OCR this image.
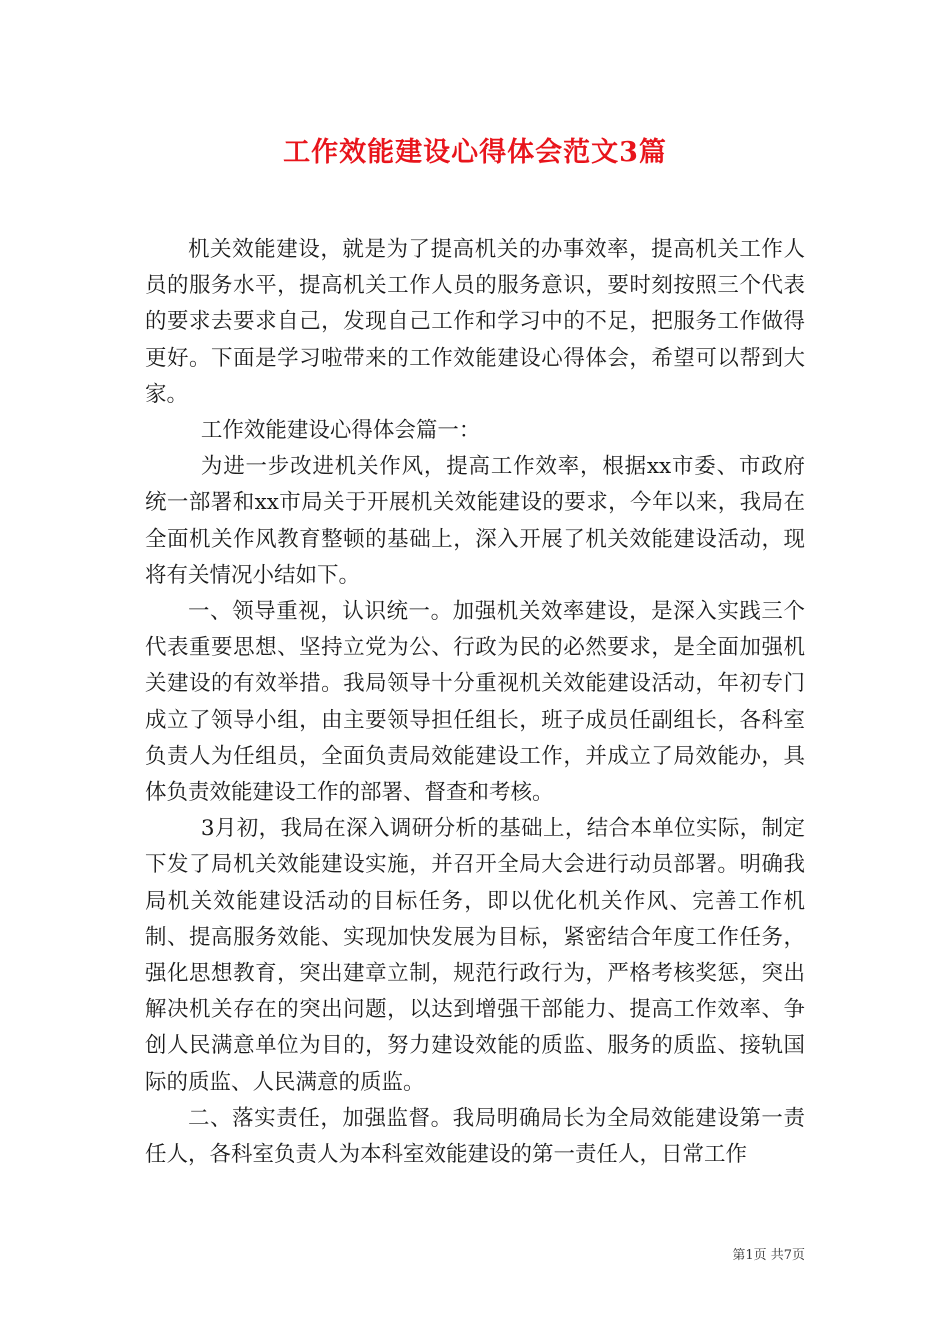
工作效能建设心得体会范文3篇

机关效能建设，就是为了提高机关的办事效率，提高机关工作人员的服务水平，提高机关工作人员的服务意识，要时刻按照三个代表的要求去要求自己，发现自己工作和学习中的不足，把服务工作做得更好。下面是学习啦带来的工作效能建设心得体会，希望可以帮到大家。

工作效能建设心得体会篇一：

为进一步改进机关作风，提高工作效率，根据xx市委、市政府统一部署和xx市局关于开展机关效能建设的要求，今年以来，我局在全面机关作风教育整顿的基础上，深入开展了机关效能建设活动，现将有关情况小结如下。

一、领导重视，认识统一。加强机关效率建设，是深入实践三个代表重要思想、坚持立党为公、行政为民的必然要求，是全面加强机关建设的有效举措。我局领导十分重视机关效能建设活动，年初专门成立了领导小组，由主要领导担任组长，班子成员任副组长，各科室负责人为任组员，全面负责局效能建设工作，并成立了局效能办，具体负责效能建设工作的部署、督查和考核。

3月初，我局在深入调研分析的基础上，结合本单位实际，制定下发了局机关效能建设实施，并召开全局大会进行动员部署。明确我局机关效能建设活动的目标任务，即以优化机关作风、完善工作机制、提高服务效能、实现加快发展为目标，紧密结合年度工作任务，强化思想教育，突出建章立制，规范行政行为，严格考核奖惩，突出解决机关存在的突出问题，以达到增强干部能力、提高工作效率、争创人民满意单位为目的，努力建设效能的质监、服务的质监、接轨国际的质监、人民满意的质监。

二、落实责任，加强监督。我局明确局长为全局效能建设第一责任人，各科室负责人为本科室效能建设的第一责任人，日常工作

第1页 共7页
